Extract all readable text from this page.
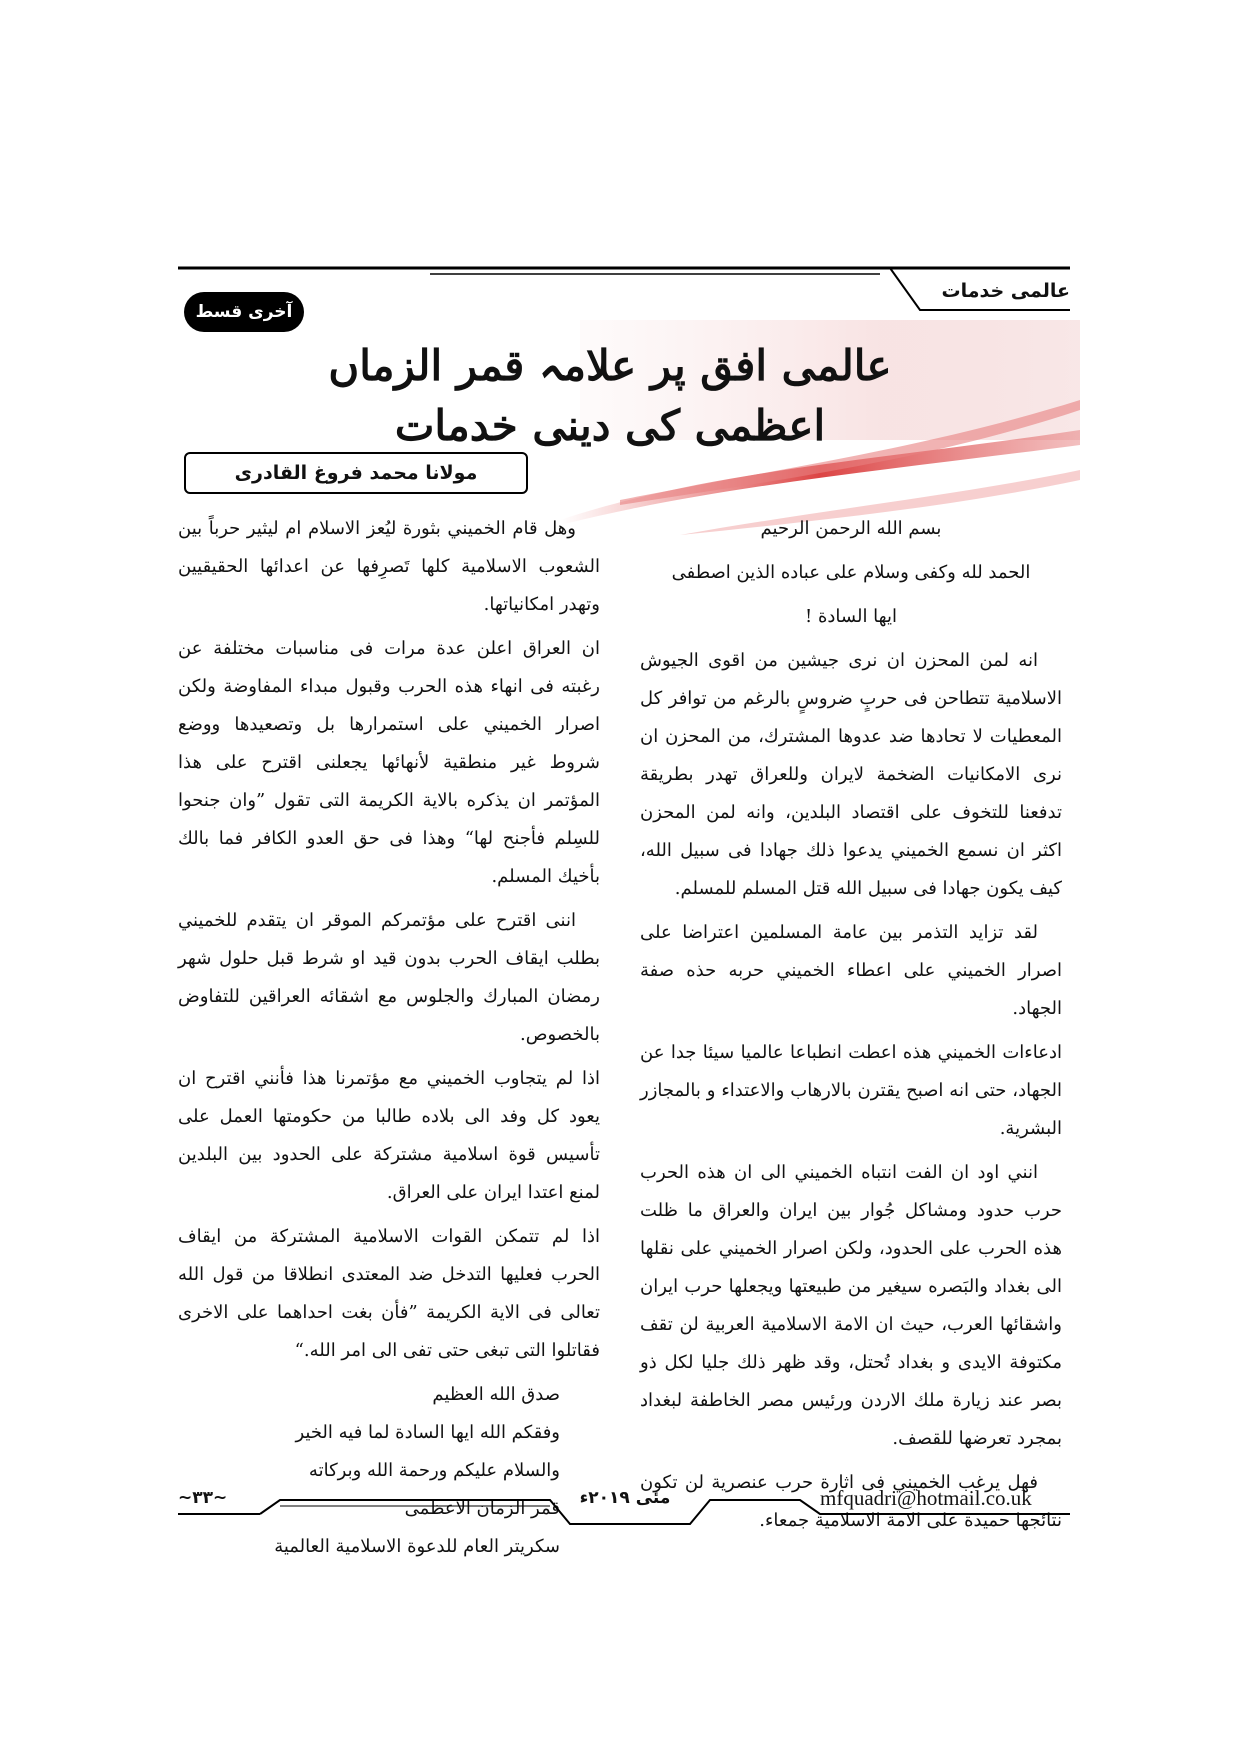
عالمی خدمات
آخری قسط
عالمی افق پر علامہ قمر الزماں اعظمی کی دینی خدمات
مولانا محمد فروغ القادری

بسم الله الرحمن الرحيم

الحمد لله وكفى وسلام على عباده الذين اصطفى

ايها السادة !

انه لمن المحزن ان نرى جيشين من اقوى الجيوش الاسلامية تتطاحن فى حربٍ ضروسٍ بالرغم من توافر كل المعطيات لا تحادها ضد عدوها المشترك، من المحزن ان نرى الامكانيات الضخمة لايران وللعراق تهدر بطريقة تدفعنا للتخوف على اقتصاد البلدين، وانه لمن المحزن اكثر ان نسمع الخميني يدعوا ذلك جهادا فى سبيل الله، كيف يكون جهادا فى سبيل الله قتل المسلم للمسلم.

لقد تزايد التذمر بين عامة المسلمين اعتراضا على اصرار الخميني على اعطاء الخميني حربه حذه صفة الجهاد.

ادعاءات الخميني هذه اعطت انطباعا عالميا سيئا جدا عن الجهاد، حتى انه اصبح يقترن بالارهاب والاعتداء و بالمجازر البشرية.

انني اود ان الفت انتباه الخميني الى ان هذه الحرب حرب حدود ومشاكل جُوار بين ايران والعراق ما ظلت هذه الحرب على الحدود، ولكن اصرار الخميني على نقلها الى بغداد والبَصره سيغير من طبيعتها ويجعلها حرب ايران واشقائها العرب، حيث ان الامة الاسلامية العربية لن تقف مكتوفة الايدى و بغداد تُحتل، وقد ظهر ذلك جليا لكل ذو بصر عند زيارة ملك الاردن ورئيس مصر الخاطفة لبغداد بمجرد تعرضها للقصف.

فهل يرغب الخميني فى اثارة حرب عنصرية لن تكون نتائجها حميدة على الامة الاسلامية جمعاء.

وهل قام الخميني بثورة ليُعز الاسلام ام ليثير حرباً بين الشعوب الاسلامية كلها تَصرِفها عن اعدائها الحقيقيين وتهدر امكانياتها.

ان العراق اعلن عدة مرات فى مناسبات مختلفة عن رغبته فى انهاء هذه الحرب وقبول مبداء المفاوضة ولكن اصرار الخميني على استمرارها بل وتصعيدها ووضع شروط غير منطقية لأنهائها يجعلنى اقترح على هذا المؤتمر ان يذكره بالاية الكريمة التى تقول ”وان جنحوا للسِلم فأجنح لها“ وهذا فى حق العدو الكافر فما بالك بأخيك المسلم.

اننى اقترح على مؤتمركم الموقر ان يتقدم للخميني بطلب ايقاف الحرب بدون قيد او شرط قبل حلول شهر رمضان المبارك والجلوس مع اشقائه العراقين للتفاوض بالخصوص.

اذا لم يتجاوب الخميني مع مؤتمرنا هذا فأنني اقترح ان يعود كل وفد الى بلاده طالبا من حكومتها العمل على تأسيس قوة اسلامية مشتركة على الحدود بين البلدين لمنع اعتدا ايران على العراق.

اذا لم تتمكن القوات الاسلامية المشتركة من ايقاف الحرب فعليها التدخل ضد المعتدى انطلاقا من قول الله تعالى فى الاية الكريمة ”فأن بغت احداهما على الاخرى فقاتلوا التى تبغى حتى تفى الى امر الله.“

صدق الله العظيم

وفقكم الله ايها السادة لما فيه الخير

والسلام عليكم ورحمة الله وبركاته

قمر الزمان الاعظمى

سكريتر العام للدعوة الاسلامية العالمية

mfquadri@hotmail.co.uk
مئی ۲۰۱۹ء
~۳۳~
